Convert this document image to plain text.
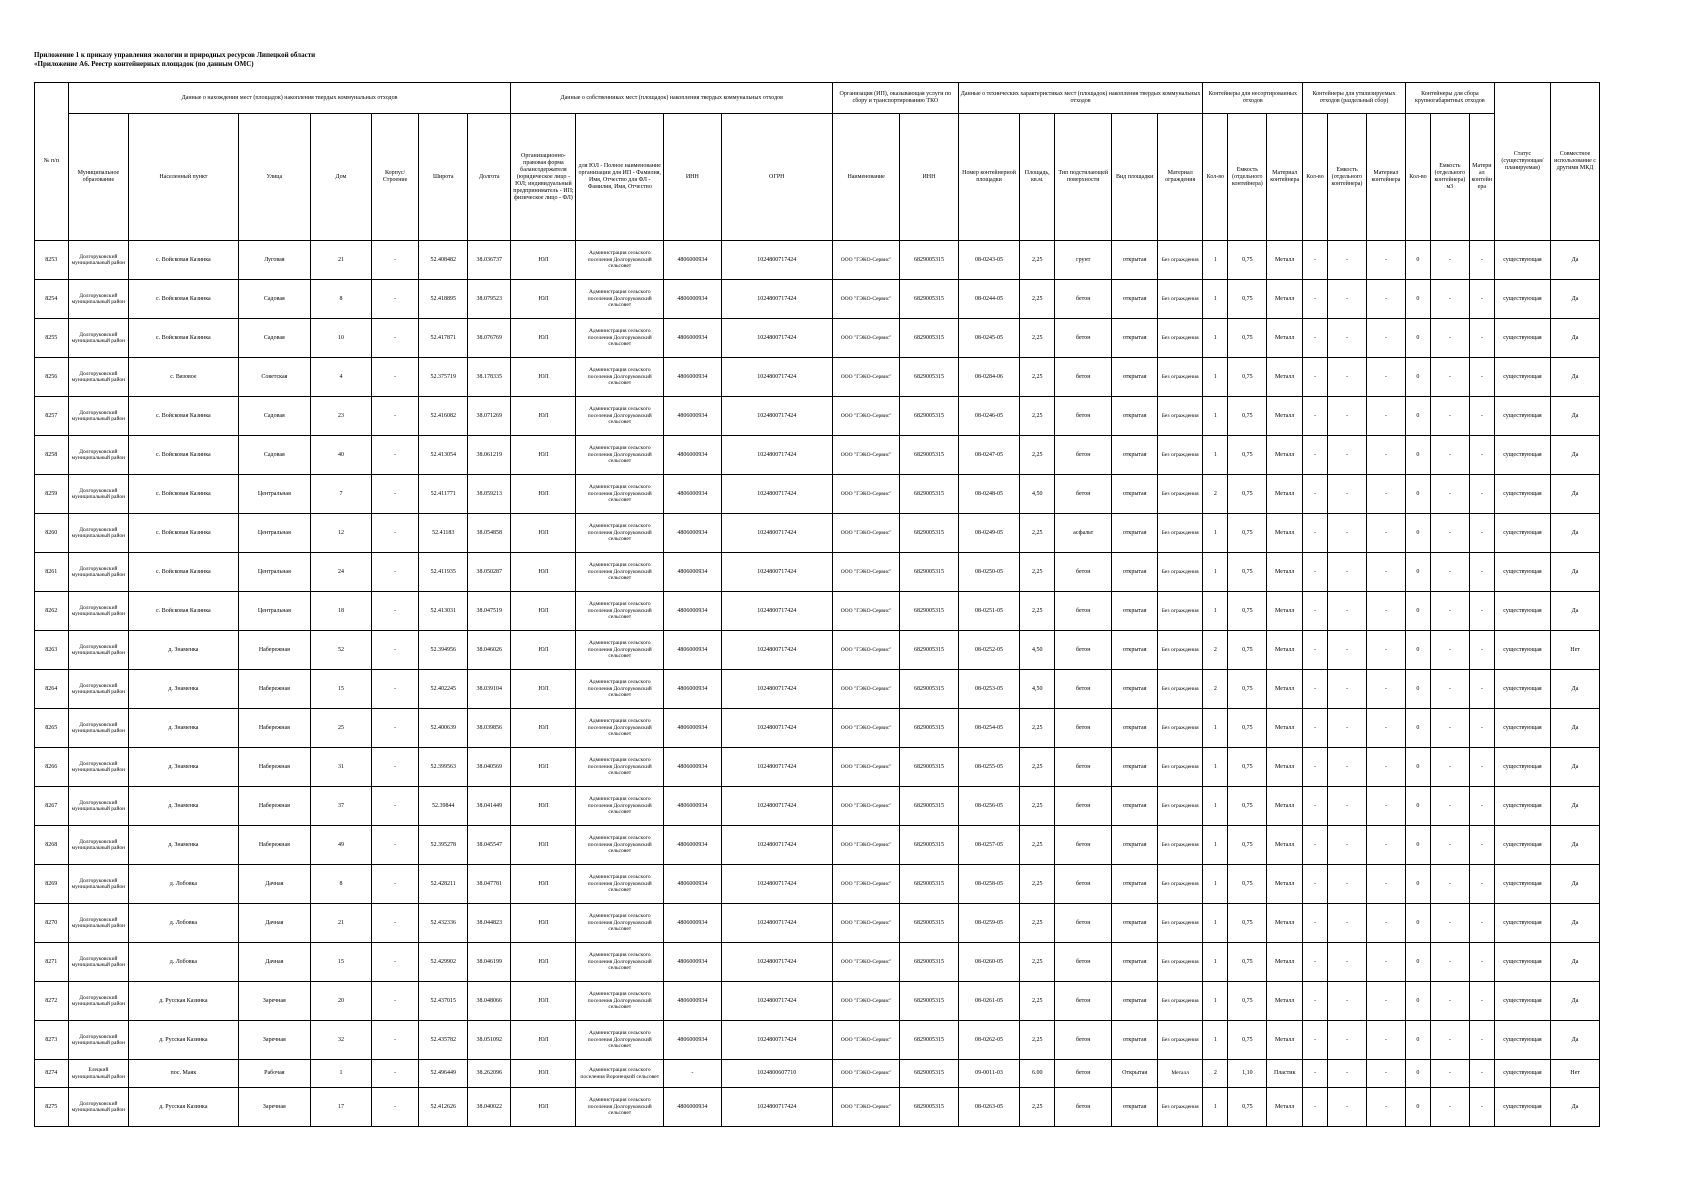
Приложение 1 к приказу управления экологии и природных ресурсов Липецкой области
«Приложение А6. Реестр контейнерных площадок (по данным ОМС)
№ п/п	Данные о нахождении мест (площадок) накопления твердых коммунальных отходов							Данные о собственниках мест (площадок) накопления твердых коммунальных отходов				Организация (ИП), оказывающая услуги по сбору и транспортированию ТКО		Данные о технических характеристиках мест (площадок) накопления твердых коммунальных отходов					Контейнеры для несортированных отходов			Контейнеры для утилизируемых отходов (раздельный сбор)			Контейнеры для сбора крупногабаритных отходов			Статус (существующая/ планируемая)	Совместное использование с другими МКД
	Муниципальное образование	Населенный пункт	Улица	Дом	Корпус/Строение	Широта	Долгота	Организационно-правовая форма балансодержателя (юридическое лицо - ЮЛ; индивидуальный предприниматель - ИП; физическое лицо - ФЛ)	для ЮЛ - Полное наименование организации для ИП - Фамилия, Имя, Отчество для ФЛ - Фамилия, Имя, Отчество	ИНН	ОГРН	Наименование	ИНН	Номер контейнерной площадки	Площадь, кв.м.	Тип подстилающей поверхности	Вид площадки	Материал ограждения	Кол-во	Емкость (отдельного контейнера)	Материал контейнера	Кол-во	Емкость (отдельного контейнера)	Материал контейнера	Кол-во	Емкость (отдельного контейнера) м3	Материал контейнера		
8253	Долгоруковский муниципальный район	с. Войсковая Казинка	Луговая	21	-	52.408482	38.036737	ЮЛ	Администрация сельского поселения Долгоруковский сельсовет	4806000934	1024800717424	ООО "ГЭКО-Сервис"	6829005315	08-0243-05	2,25	грунт	открытая	Без ограждения	1	0,75	Металл	-	-	-	0	-	-	существующая	Да
8254	Долгоруковский муниципальный район	с. Войсковая Казинка	Садовая	8	-	52.418895	38.079523	ЮЛ	Администрация сельского поселения Долгоруковский сельсовет	4806000934	1024800717424	ООО "ГЭКО-Сервис"	6829005315	08-0244-05	2,25	бетон	открытая	Без ограждения	1	0,75	Металл	-	-	-	0	-	-	существующая	Да
8255	Долгоруковский муниципальный район	с. Войсковая Казинка	Садовая	10	-	52.417871	38.076769	ЮЛ	Администрация сельского поселения Долгоруковский сельсовет	4806000934	1024800717424	ООО "ГЭКО-Сервис"	6829005315	08-0245-05	2,25	бетон	открытая	Без ограждения	1	0,75	Металл	-	-	-	0	-	-	существующая	Да
8256	Долгоруковский муниципальный район	с. Вязовое	Советская	4	-	52.375719	38.178335	ЮЛ	Администрация сельского поселения Долгоруковский сельсовет	4806000934	1024800717424	ООО "ГЭКО-Сервис"	6829005315	08-0284-06	2,25	бетон	открытая	Без ограждения	1	0,75	Металл	-	-	-	0	-	-	существующая	Да
8257	Долгоруковский муниципальный район	с. Войсковая Казинка	Садовая	23	-	52.416082	38.071269	ЮЛ	Администрация сельского поселения Долгоруковский сельсовет	4806000934	1024800717424	ООО "ГЭКО-Сервис"	6829005315	08-0246-05	2,25	бетон	открытая	Без ограждения	1	0,75	Металл	-	-	-	0	-	-	существующая	Да
8258	Долгоруковский муниципальный район	с. Войсковая Казинка	Садовая	40	-	52.413054	38.061219	ЮЛ	Администрация сельского поселения Долгоруковский сельсовет	4806000934	1024800717424	ООО "ГЭКО-Сервис"	6829005315	08-0247-05	2,25	бетон	открытая	Без ограждения	1	0,75	Металл	-	-	-	0	-	-	существующая	Да
8259	Долгоруковский муниципальный район	с. Войсковая Казинка	Центральная	7	-	52.411771	38.059213	ЮЛ	Администрация сельского поселения Долгоруковский сельсовет	4806000934	1024800717424	ООО "ГЭКО-Сервис"	6829005315	08-0248-05	4,50	бетон	открытая	Без ограждения	2	0,75	Металл	-	-	-	0	-	-	существующая	Да
8260	Долгоруковский муниципальный район	с. Войсковая Казинка	Центральная	12	-	52.41183	38.054858	ЮЛ	Администрация сельского поселения Долгоруковский сельсовет	4806000934	1024800717424	ООО "ГЭКО-Сервис"	6829005315	08-0249-05	2,25	асфальт	открытая	Без ограждения	1	0,75	Металл	-	-	-	0	-	-	существующая	Да
8261	Долгоруковский муниципальный район	с. Войсковая Казинка	Центральная	24	-	52.411935	38.050287	ЮЛ	Администрация сельского поселения Долгоруковский сельсовет	4806000934	1024800717424	ООО "ГЭКО-Сервис"	6829005315	08-0250-05	2,25	бетон	открытая	Без ограждения	1	0,75	Металл	-	-	-	0	-	-	существующая	Да
8262	Долгоруковский муниципальный район	с. Войсковая Казинка	Центральная	18	-	52.413031	38.047519	ЮЛ	Администрация сельского поселения Долгоруковский сельсовет	4806000934	1024800717424	ООО "ГЭКО-Сервис"	6829005315	08-0251-05	2,25	бетон	открытая	Без ограждения	1	0,75	Металл	-	-	-	0	-	-	существующая	Да
8263	Долгоруковский муниципальный район	д. Знаменка	Набережная	52	-	52.394956	38.046026	ЮЛ	Администрация сельского поселения Долгоруковский сельсовет	4806000934	1024800717424	ООО "ГЭКО-Сервис"	6829005315	08-0252-05	4,50	бетон	открытая	Без ограждения	2	0,75	Металл	-	-	-	0	-	-	существующая	Нет
8264	Долгоруковский муниципальный район	д. Знаменка	Набережная	15	-	52.402245	38.039104	ЮЛ	Администрация сельского поселения Долгоруковский сельсовет	4806000934	1024800717424	ООО "ГЭКО-Сервис"	6829005315	08-0253-05	4,50	бетон	открытая	Без ограждения	2	0,75	Металл	-	-	-	0	-	-	существующая	Да
8265	Долгоруковский муниципальный район	д. Знаменка	Набережная	25	-	52.400639	38.039856	ЮЛ	Администрация сельского поселения Долгоруковский сельсовет	4806000934	1024800717424	ООО "ГЭКО-Сервис"	6829005315	08-0254-05	2,25	бетон	открытая	Без ограждения	1	0,75	Металл	-	-	-	0	-	-	существующая	Да
8266	Долгоруковский муниципальный район	д. Знаменка	Набережная	31	-	52.399563	38.040569	ЮЛ	Администрация сельского поселения Долгоруковский сельсовет	4806000934	1024800717424	ООО "ГЭКО-Сервис"	6829005315	08-0255-05	2,25	бетон	открытая	Без ограждения	1	0,75	Металл	-	-	-	0	-	-	существующая	Да
8267	Долгоруковский муниципальный район	д. Знаменка	Набережная	37	-	52.39844	38.041449	ЮЛ	Администрация сельского поселения Долгоруковский сельсовет	4806000934	1024800717424	ООО "ГЭКО-Сервис"	6829005315	08-0256-05	2,25	бетон	открытая	Без ограждения	1	0,75	Металл	-	-	-	0	-	-	существующая	Да
8268	Долгоруковский муниципальный район	д. Знаменка	Набережная	49	-	52.395278	38.045547	ЮЛ	Администрация сельского поселения Долгоруковский сельсовет	4806000934	1024800717424	ООО "ГЭКО-Сервис"	6829005315	08-0257-05	2,25	бетон	открытая	Без ограждения	1	0,75	Металл	-	-	-	0	-	-	существующая	Да
8269	Долгоруковский муниципальный район	д. Лобовка	Дачная	8	-	52.428211	38.047781	ЮЛ	Администрация сельского поселения Долгоруковский сельсовет	4806000934	1024800717424	ООО "ГЭКО-Сервис"	6829005315	08-0258-05	2,25	бетон	открытая	Без ограждения	1	0,75	Металл	-	-	-	0	-	-	существующая	Да
8270	Долгоруковский муниципальный район	д. Лобовка	Дачная	21	-	52.432336	38.044823	ЮЛ	Администрация сельского поселения Долгоруковский сельсовет	4806000934	1024800717424	ООО "ГЭКО-Сервис"	6829005315	08-0259-05	2,25	бетон	открытая	Без ограждения	1	0,75	Металл	-	-	-	0	-	-	существующая	Да
8271	Долгоруковский муниципальный район	д. Лобовка	Дачная	15	-	52.429902	38.046199	ЮЛ	Администрация сельского поселения Долгоруковский сельсовет	4806000934	1024800717424	ООО "ГЭКО-Сервис"	6829005315	08-0260-05	2,25	бетон	открытая	Без ограждения	1	0,75	Металл	-	-	-	0	-	-	существующая	Да
8272	Долгоруковский муниципальный район	д. Русская Казинка	Заречная	20	-	52.437015	38.048066	ЮЛ	Администрация сельского поселения Долгоруковский сельсовет	4806000934	1024800717424	ООО "ГЭКО-Сервис"	6829005315	08-0261-05	2,25	бетон	открытая	Без ограждения	1	0,75	Металл	-	-	-	0	-	-	существующая	Да
8273	Долгоруковский муниципальный район	д. Русская Казинка	Заречная	32	-	52.435782	38.051092	ЮЛ	Администрация сельского поселения Долгоруковский сельсовет	4806000934	1024800717424	ООО "ГЭКО-Сервис"	6829005315	08-0262-05	2,25	бетон	открытая	Без ограждения	1	0,75	Металл	-	-	-	0	-	-	существующая	Да
8274	Елецкий муниципальный район	пос. Маяк	Рабочая	1	-	52.496449	38.262096	ЮЛ	Администрация сельского поселения Воронецкий сельсовет	-	1024800607710	ООО "ГЭКО-Сервис"	6829005315	09-0011-03	6.00	бетон	Открытая	Металл	2	1,10	Пластик	-	-	-	0	-	-	существующая	Нет
8275	Долгоруковский муниципальный район	д. Русская Казинка	Заречная	17	-	52.412626	38.040022	ЮЛ	Администрация сельского поселения Долгоруковский сельсовет	4806000934	1024800717424	ООО "ГЭКО-Сервис"	6829005315	08-0263-05	2,25	бетон	открытая	Без ограждения	1	0,75	Металл	-	-	-	0	-	-	существующая	Да
